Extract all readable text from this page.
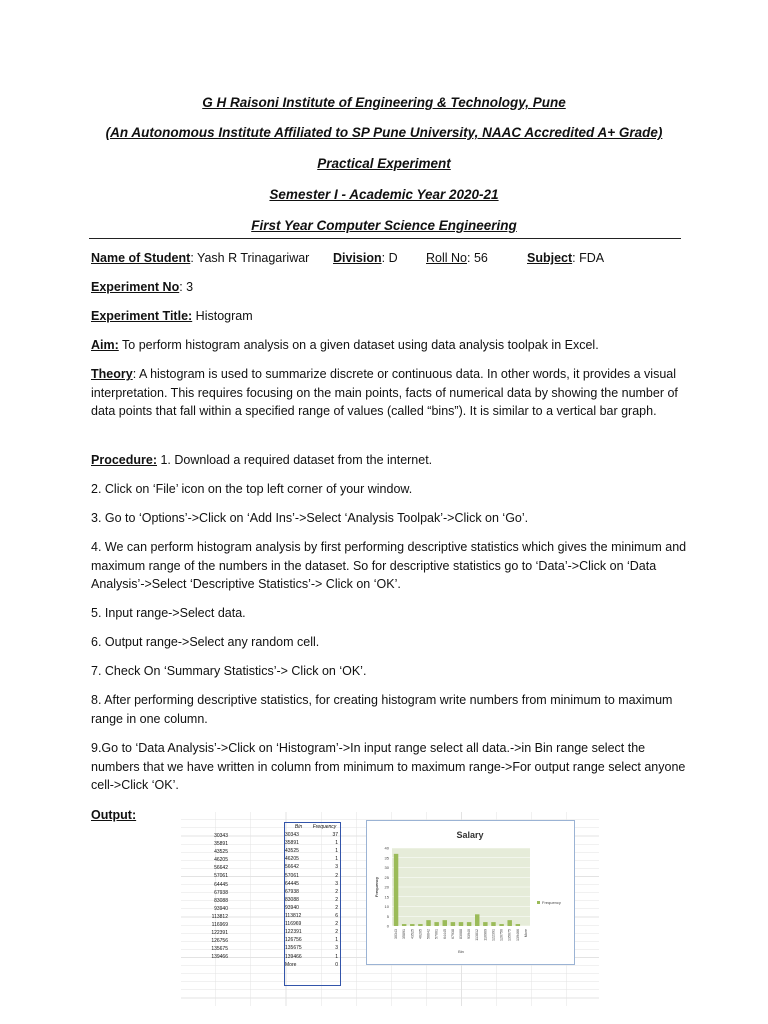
G H Raisoni Institute of Engineering & Technology, Pune
(An Autonomous Institute Affiliated to SP Pune University, NAAC Accredited A+ Grade)
Practical Experiment
Semester I - Academic Year 2020-21
First Year Computer Science Engineering
Name of Student: Yash R Trinagariwar Division: D Roll No: 56	Subject: FDA
Experiment No: 3
Experiment Title: Histogram
Aim: To perform histogram analysis on a given dataset using data analysis toolpak in Excel.
Theory: A histogram is used to summarize discrete or continuous data. In other words, it provides a visual interpretation. This requires focusing on the main points, facts of numerical data by showing the number of data points that fall within a specified range of values (called “bins”). It is similar to a vertical bar graph.
Procedure: 1. Download a required dataset from the internet.
2. Click on ‘File’ icon on the top left corner of your window.
3. Go to ‘Options’->Click on ‘Add Ins’->Select ‘Analysis Toolpak’->Click on ‘Go’.
4. We can perform histogram analysis by first performing descriptive statistics which gives the minimum and maximum range of the numbers in the dataset. So for descriptive statistics go to ‘Data’->Click on ‘Data Analysis’->Select ‘Descriptive Statistics’-> Click on ‘OK’.
5. Input range->Select data.
6. Output range->Select any random cell.
7. Check On ‘Summary Statistics’-> Click on ‘OK’.
8. After performing descriptive statistics, for creating histogram write numbers from minimum to maximum range in one column.
9.Go to ‘Data Analysis’->Click on ‘Histogram’->In input range select all data.->in Bin range select the numbers that we have written in column from minimum to maximum range->For output range select anyone cell->Click ‘OK’.
Output:
30343
35891
43525
46205
56642
57061
64445
67938
83088
93940
113812
116969
122391
126756
135675
139466
Bin
30343
35891
43525
46205
56642
57061
64445
67938
83088
93940
113812
116969
122391
126756
135675
139466
More
Frequency
37
1
1
1
3
2
3
2
2
2
6
2
2
1
3
1
0
Salary
0
5
10
15
20
25
30
35
40
30343 35891 43525 46205 56642 57061 64445 67938 83088 93940 113812 116969 122391 126756 135675 139466 More
Bin
Frequency
Frequency
